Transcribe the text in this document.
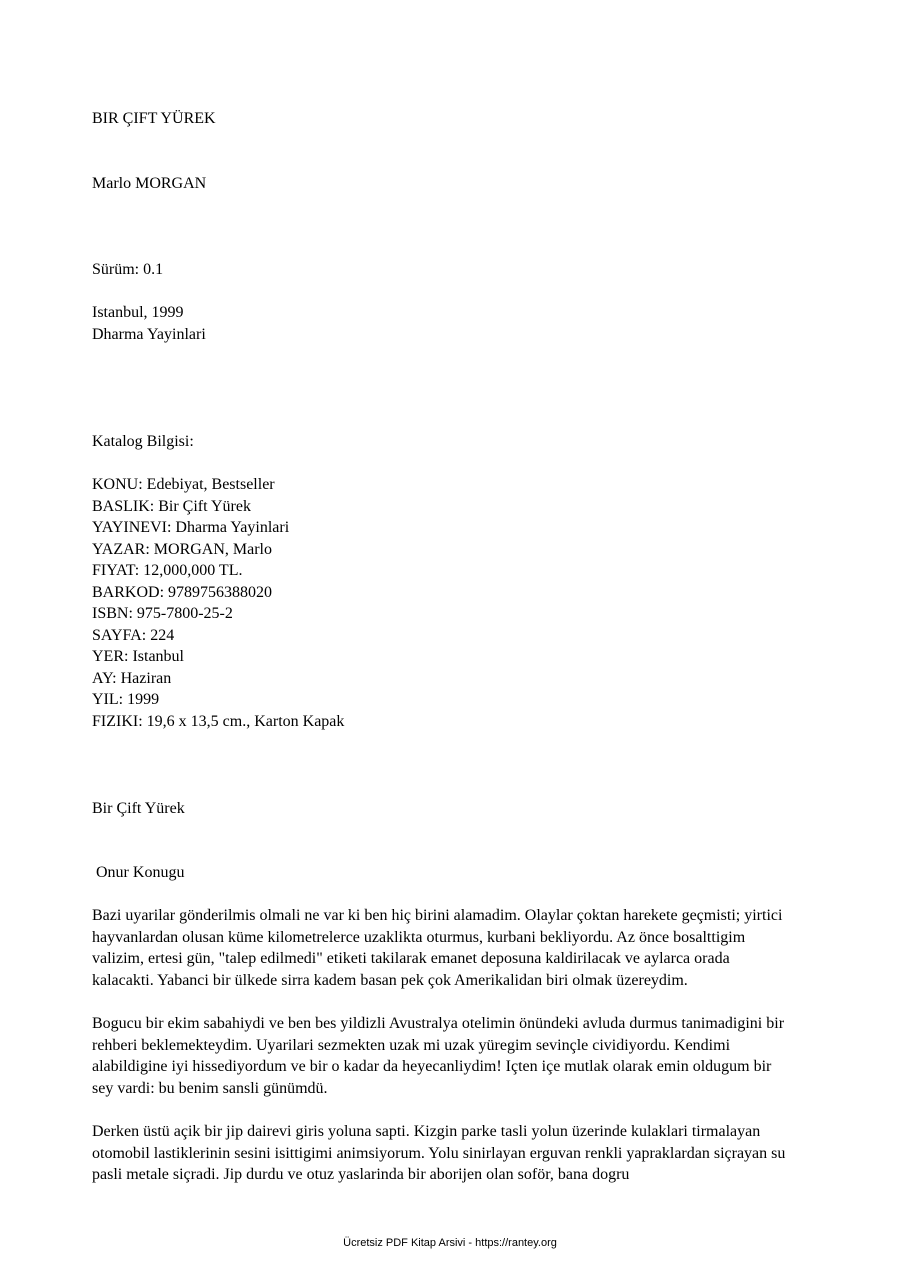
BIR ÇIFT YÜREK

Marlo MORGAN

Sürüm: 0.1

Istanbul, 1999

Dharma Yayinlari

Katalog Bilgisi:

KONU: Edebiyat, Bestseller

BASLIK: Bir Çift Yürek

YAYINEVI: Dharma Yayinlari

YAZAR: MORGAN, Marlo

FIYAT: 12,000,000 TL.

BARKOD: 9789756388020

ISBN: 975-7800-25-2

SAYFA: 224

YER: Istanbul

AY: Haziran

YIL: 1999

FIZIKI: 19,6 x 13,5 cm., Karton Kapak

Bir Çift Yürek

Onur Konugu

Bazi uyarilar gönderilmis olmali ne var ki ben hiç birini alamadim. Olaylar çoktan harekete geçmisti; yirtici
hayvanlardan olusan küme kilometrelerce uzaklikta oturmus, kurbani bekliyordu. Az önce bosalttigim
valizim, ertesi gün, "talep edilmedi" etiketi takilarak emanet deposuna kaldirilacak ve aylarca orada
kalacakti. Yabanci bir ülkede sirra kadem basan pek çok Amerikalidan biri olmak üzereydim.
Bogucu bir ekim sabahiydi ve ben bes yildizli Avustralya otelimin önündeki avluda durmus tanimadigini bir
rehberi beklemekteydim. Uyarilari sezmekten uzak mi uzak yüregim sevinçle cividiyordu. Kendimi
alabildigine iyi hissediyordum ve bir o kadar da heyecanliydim! Içten içe mutlak olarak emin oldugum bir
sey vardi: bu benim sansli günümdü.
Derken üstü açik bir jip dairevi giris yoluna sapti. Kizgin parke tasli yolun üzerinde kulaklari tirmalayan
otomobil lastiklerinin sesini isittigimi animsiyorum. Yolu sinirlayan erguvan renkli yapraklardan siçrayan su
pasli metale siçradi. Jip durdu ve otuz yaslarinda bir aborijen olan soför, bana dogru
Ücretsiz PDF Kitap Arsivi - https://rantey.org
